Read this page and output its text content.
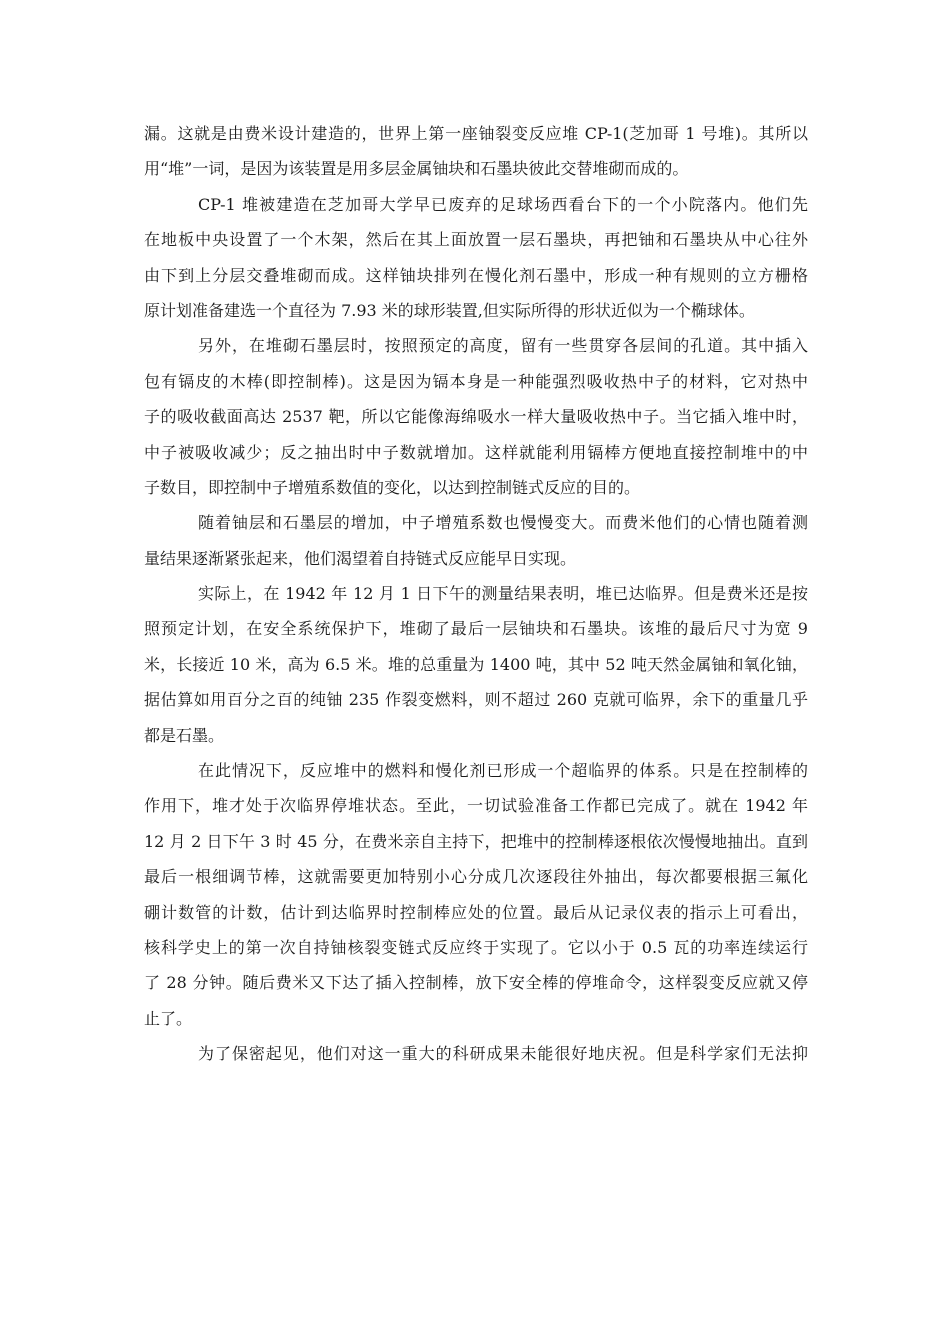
漏。这就是由费米设计建造的，世界上第一座铀裂变反应堆 CP-1(芝加哥 1 号堆)。其所以
用“堆”一词，是因为该装置是用多层金属铀块和石墨块彼此交替堆砌而成的。
CP-1 堆被建造在芝加哥大学早已废弃的足球场西看台下的一个小院落内。他们先
在地板中央设置了一个木架，然后在其上面放置一层石墨块，再把铀和石墨块从中心往外
由下到上分层交叠堆砌而成。这样铀块排列在慢化剂石墨中，形成一种有规则的立方栅格
原计划准备建选一个直径为 7.93 米的球形装置,但实际所得的形状近似为一个椭球体。
另外，在堆砌石墨层时，按照预定的高度，留有一些贯穿各层间的孔道。其中插入
包有镉皮的木棒(即控制棒)。这是因为镉本身是一种能强烈吸收热中子的材料，它对热中
子的吸收截面高达 2537 靶，所以它能像海绵吸水一样大量吸收热中子。当它插入堆中时，
中子被吸收减少；反之抽出时中子数就增加。这样就能利用镉棒方便地直接控制堆中的中
子数目，即控制中子增殖系数值的变化，以达到控制链式反应的目的。
随着铀层和石墨层的增加，中子增殖系数也慢慢变大。而费米他们的心情也随着测
量结果逐渐紧张起来，他们渴望着自持链式反应能早日实现。
实际上，在 1942 年 12 月 1 日下午的测量结果表明，堆已达临界。但是费米还是按
照预定计划，在安全系统保护下，堆砌了最后一层铀块和石墨块。该堆的最后尺寸为宽 9
米，长接近 10 米，高为 6.5 米。堆的总重量为 1400 吨，其中 52 吨天然金属铀和氧化铀，
据估算如用百分之百的纯铀 235 作裂变燃料，则不超过 260 克就可临界，余下的重量几乎
都是石墨。
在此情况下，反应堆中的燃料和慢化剂已形成一个超临界的体系。只是在控制棒的
作用下，堆才处于次临界停堆状态。至此，一切试验准备工作都已完成了。就在 1942 年
12 月 2 日下午 3 时 45 分，在费米亲自主持下，把堆中的控制棒逐根依次慢慢地抽出。直到
最后一根细调节棒，这就需要更加特别小心分成几次逐段往外抽出，每次都要根据三氟化
硼计数管的计数，估计到达临界时控制棒应处的位置。最后从记录仪表的指示上可看出，
核科学史上的第一次自持铀核裂变链式反应终于实现了。它以小于 0.5 瓦的功率连续运行
了 28 分钟。随后费米又下达了插入控制棒，放下安全棒的停堆命令，这样裂变反应就又停
止了。
为了保密起见，他们对这一重大的科研成果未能很好地庆祝。但是科学家们无法抑
